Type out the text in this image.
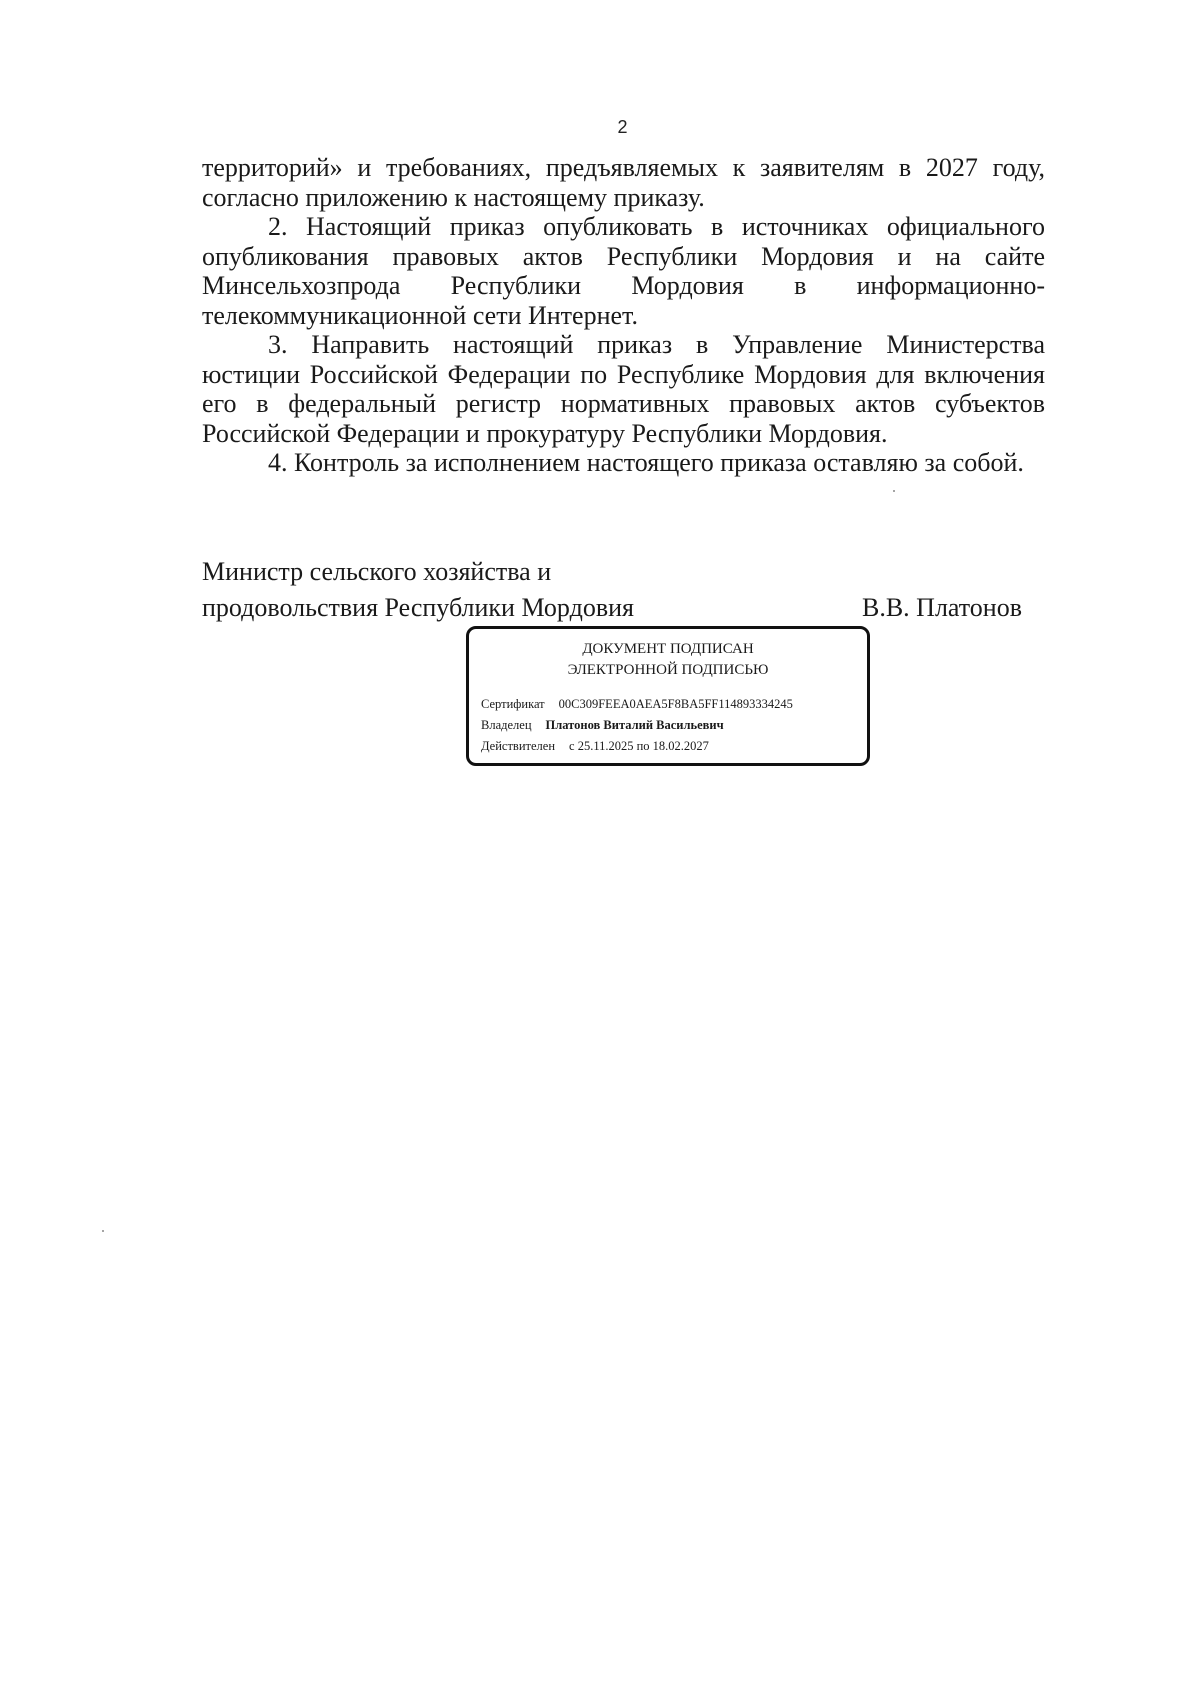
2

территорий» и требованиях, предъявляемых к заявителям в 2027 году, согласно приложению к настоящему приказу.

2. Настоящий приказ опубликовать в источниках официального опубликования правовых актов Республики Мордовия и на сайте Минсельхозпрода Республики Мордовия в информационно-телекоммуникационной сети Интернет.

3. Направить настоящий приказ в Управление Министерства юстиции Российской Федерации по Республике Мордовия для включения его в федеральный регистр нормативных правовых актов субъектов Российской Федерации и прокуратуру Республики Мордовия.

4. Контроль за исполнением настоящего приказа оставляю за собой.

Министр сельского хозяйства и
продовольствия Республики Мордовия	В.В. Платонов
ДОКУМЕНТ ПОДПИСАН
ЭЛЕКТРОННОЙ ПОДПИСЬЮ
Сертификат 00C309FEEA0AEA5F8BA5FF114893334245
Владелец Платонов Виталий Васильевич
Действителен с 25.11.2025 по 18.02.2027
